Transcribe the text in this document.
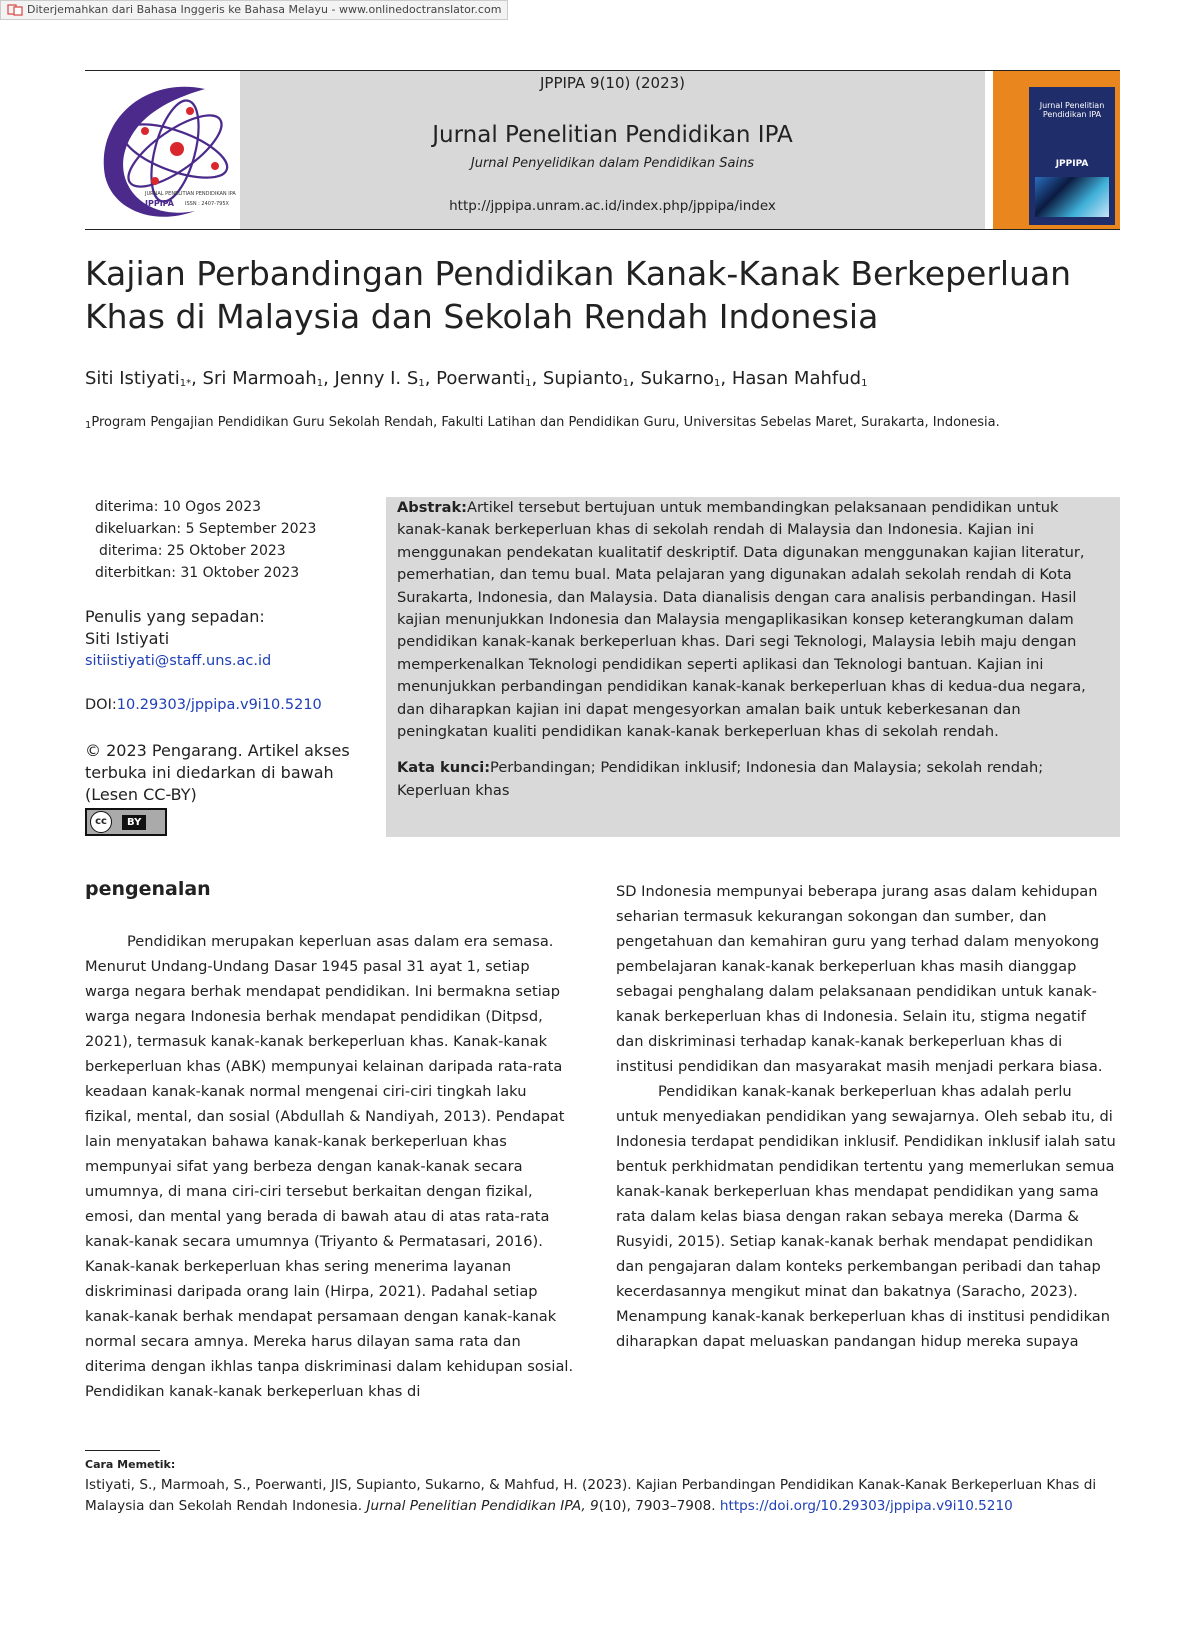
Diterjemahkan dari Bahasa Inggeris ke Bahasa Melayu - www.onlinedoctranslator.com
JURNAL PENELITIAN PENDIDIKAN IPA
JPPIPA ISSN : 2407-795X
Jurnal Penelitian Pendidikan IPA
JPPIPA
JPPIPA 9(10) (2023)
Jurnal Penelitian Pendidikan IPA
Jurnal Penyelidikan dalam Pendidikan Sains
http://jppipa.unram.ac.id/index.php/jppipa/index
Kajian Perbandingan Pendidikan Kanak-Kanak Berkeperluan
Khas di Malaysia dan Sekolah Rendah Indonesia
Siti Istiyati$_{1*}$, Sri Marmoah$_1$, Jenny I. $S_1$, Poerwanti$_1$, Supianto$_1$, Sukarno$_1$, Hasan Mahfud$_1$
$_1$Program Pengajian Pendidikan Guru Sekolah Rendah, Fakulti Latihan dan Pendidikan Guru, Universitas Sebelas Maret, Surakarta, Indonesia.
diterima: 10 Ogos 2023
dikeluarkan: 5 September 2023
diterima: 25 Oktober 2023
diterbitkan: 31 Oktober 2023
Penulis yang sepadan:
Siti Istiyati
sitiistiyati@staff.uns.ac.id
DOI:10.29303/jppipa.v9i10.5210
© 2023 Pengarang. Artikel akses
terbuka ini diedarkan di bawah
(Lesen CC-BY)
cc	BY
Abstrak:Artikel tersebut bertujuan untuk membandingkan pelaksanaan pendidikan untuk kanak-kanak berkeperluan khas di sekolah rendah di Malaysia dan Indonesia. Kajian ini menggunakan pendekatan kualitatif deskriptif. Data digunakan menggunakan kajian literatur, pemerhatian, dan temu bual. Mata pelajaran yang digunakan adalah sekolah rendah di Kota Surakarta, Indonesia, dan Malaysia. Data dianalisis dengan cara analisis perbandingan. Hasil kajian menunjukkan Indonesia dan Malaysia mengaplikasikan konsep keterangkuman dalam pendidikan kanak-kanak berkeperluan khas. Dari segi Teknologi, Malaysia lebih maju dengan memperkenalkan Teknologi pendidikan seperti aplikasi dan Teknologi bantuan. Kajian ini menunjukkan perbandingan pendidikan kanak-kanak berkeperluan khas di kedua-dua negara, dan diharapkan kajian ini dapat mengesyorkan amalan baik untuk keberkesanan dan peningkatan kualiti pendidikan kanak-kanak berkeperluan khas di sekolah rendah.
Kata kunci:Perbandingan; Pendidikan inklusif; Indonesia dan Malaysia; sekolah rendah; Keperluan khas
pengenalan

Pendidikan merupakan keperluan asas dalam era semasa. Menurut Undang-Undang Dasar 1945 pasal 31 ayat 1, setiap warga negara berhak mendapat pendidikan. Ini bermakna setiap warga negara Indonesia berhak mendapat pendidikan (Ditpsd, 2021), termasuk kanak-kanak berkeperluan khas. Kanak-kanak berkeperluan khas (ABK) mempunyai kelainan daripada rata-rata keadaan kanak-kanak normal mengenai ciri-ciri tingkah laku fizikal, mental, dan sosial (Abdullah & Nandiyah, 2013). Pendapat lain menyatakan bahawa kanak-kanak berkeperluan khas mempunyai sifat yang berbeza dengan kanak-kanak secara umumnya, di mana ciri-ciri tersebut berkaitan dengan fizikal, emosi, dan mental yang berada di bawah atau di atas rata-rata kanak-kanak secara umumnya (Triyanto & Permatasari, 2016). Kanak-kanak berkeperluan khas sering menerima layanan diskriminasi daripada orang lain (Hirpa, 2021). Padahal setiap kanak-kanak berhak mendapat persamaan dengan kanak-kanak normal secara amnya. Mereka harus dilayan sama rata dan diterima dengan ikhlas tanpa diskriminasi dalam kehidupan sosial. Pendidikan kanak-kanak berkeperluan khas di

SD Indonesia mempunyai beberapa jurang asas dalam kehidupan seharian termasuk kekurangan sokongan dan sumber, dan pengetahuan dan kemahiran guru yang terhad dalam menyokong pembelajaran kanak-kanak berkeperluan khas masih dianggap sebagai penghalang dalam pelaksanaan pendidikan untuk kanak-kanak berkeperluan khas di Indonesia. Selain itu, stigma negatif dan diskriminasi terhadap kanak-kanak berkeperluan khas di institusi pendidikan dan masyarakat masih menjadi perkara biasa.

Pendidikan kanak-kanak berkeperluan khas adalah perlu untuk menyediakan pendidikan yang sewajarnya. Oleh sebab itu, di Indonesia terdapat pendidikan inklusif. Pendidikan inklusif ialah satu bentuk perkhidmatan pendidikan tertentu yang memerlukan semua kanak-kanak berkeperluan khas mendapat pendidikan yang sama rata dalam kelas biasa dengan rakan sebaya mereka (Darma & Rusyidi, 2015). Setiap kanak-kanak berhak mendapat pendidikan dan pengajaran dalam konteks perkembangan peribadi dan tahap kecerdasannya mengikut minat dan bakatnya (Saracho, 2023). Menampung kanak-kanak berkeperluan khas di institusi pendidikan diharapkan dapat meluaskan pandangan hidup mereka supaya

Cara Memetik:
Istiyati, S., Marmoah, S., Poerwanti, JIS, Supianto, Sukarno, & Mahfud, H. (2023). Kajian Perbandingan Pendidikan Kanak-Kanak Berkeperluan Khas di Malaysia dan Sekolah Rendah Indonesia. Jurnal Penelitian Pendidikan IPA, 9(10), 7903–7908. https://doi.org/10.29303/jppipa.v9i10.5210
